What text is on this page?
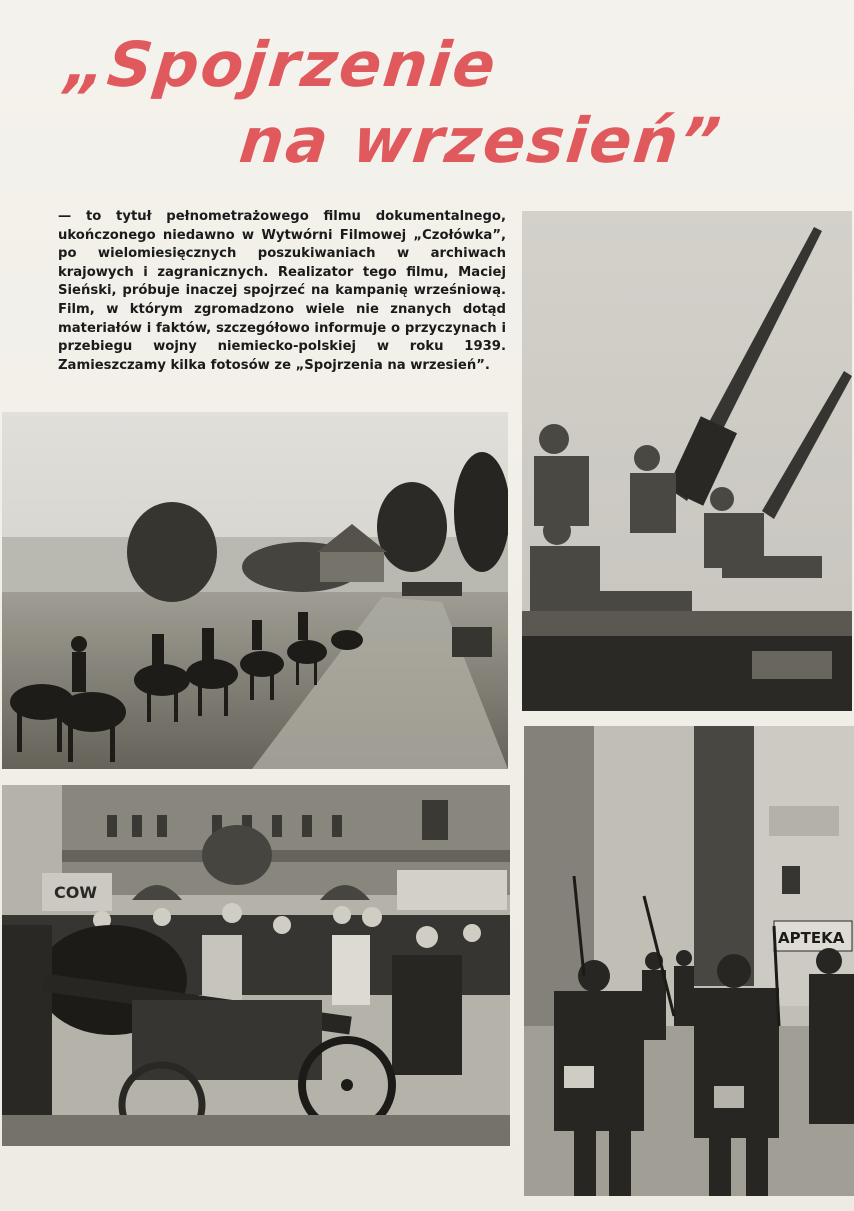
„Spojrzenie
na wrzesień”

— to tytuł pełnometrażowego filmu dokumentalnego, ukończonego niedawno w Wytwórni Filmowej „Czołówka”, po wielomiesięcznych poszukiwaniach w archiwach krajowych i zagranicznych. Realizator tego filmu, Maciej Sieński, próbuje inaczej spojrzeć na kampanię wrześniową. Film, w którym zgromadzono wiele nie znanych dotąd materiałów i faktów, szczegółowo informuje o przyczynach i przebiegu wojny niemiecko-polskiej w roku 1939. Zamieszczamy kilka fotosów ze „Spojrzenia na wrzesień”.

COW
APTEKA
